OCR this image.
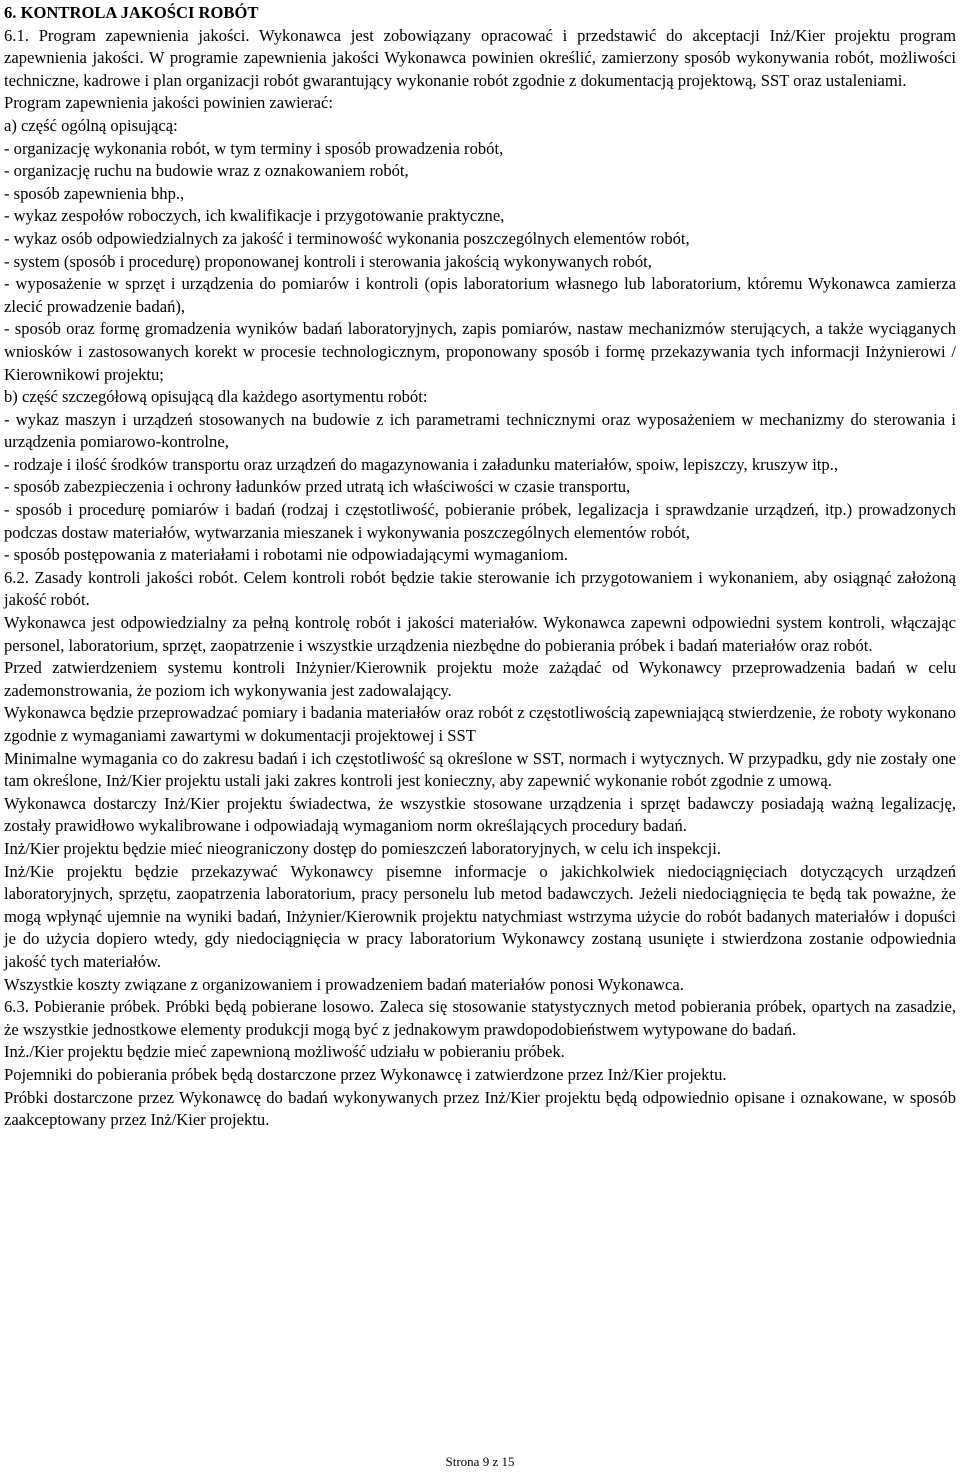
6. KONTROLA JAKOŚCI ROBÓT

6.1. Program zapewnienia jakości. Wykonawca jest zobowiązany opracować i przedstawić do akceptacji Inż/Kier projektu program zapewnienia jakości. W programie zapewnienia jakości Wykonawca powinien określić, zamierzony sposób wykonywania robót, możliwości techniczne, kadrowe i plan organizacji robót gwarantujący wykonanie robót zgodnie z dokumentacją projektową, SST oraz ustaleniami.

Program zapewnienia jakości powinien zawierać:

a) część ogólną opisującą:

- organizację wykonania robót, w tym terminy i sposób prowadzenia robót,

- organizację ruchu na budowie wraz z oznakowaniem robót,

- sposób zapewnienia bhp.,

- wykaz zespołów roboczych, ich kwalifikacje i przygotowanie praktyczne,

- wykaz osób odpowiedzialnych za jakość i terminowość wykonania poszczególnych elementów robót,

- system (sposób i procedurę) proponowanej kontroli i sterowania jakością wykonywanych robót,

- wyposażenie w sprzęt i urządzenia do pomiarów i kontroli (opis laboratorium własnego lub laboratorium, któremu Wykonawca zamierza zlecić prowadzenie badań),

- sposób oraz formę gromadzenia wyników badań laboratoryjnych, zapis pomiarów, nastaw mechanizmów sterujących, a także wyciąganych wniosków i zastosowanych korekt w procesie technologicznym, proponowany sposób i formę przekazywania tych informacji Inżynierowi / Kierownikowi projektu;

b) część szczegółową opisującą dla każdego asortymentu robót:

- wykaz maszyn i urządzeń stosowanych na budowie z ich parametrami technicznymi oraz wyposażeniem w mechanizmy do sterowania i urządzenia pomiarowo-kontrolne,

- rodzaje i ilość środków transportu oraz urządzeń do magazynowania i załadunku materiałów, spoiw, lepiszczy, kruszyw itp.,

- sposób zabezpieczenia i ochrony ładunków przed utratą ich właściwości w czasie transportu,

- sposób i procedurę pomiarów i badań (rodzaj i częstotliwość, pobieranie próbek, legalizacja i sprawdzanie urządzeń, itp.) prowadzonych podczas dostaw materiałów, wytwarzania mieszanek i wykonywania poszczególnych elementów robót,

- sposób postępowania z materiałami i robotami nie odpowiadającymi wymaganiom.

6.2. Zasady kontroli jakości robót. Celem kontroli robót będzie takie sterowanie ich przygotowaniem i wykonaniem, aby osiągnąć założoną jakość robót.

Wykonawca jest odpowiedzialny za pełną kontrolę robót i jakości materiałów. Wykonawca zapewni odpowiedni system kontroli, włączając personel, laboratorium, sprzęt, zaopatrzenie i wszystkie urządzenia niezbędne do pobierania próbek i badań materiałów oraz robót.

Przed zatwierdzeniem systemu kontroli Inżynier/Kierownik projektu może zażądać od Wykonawcy przeprowadzenia badań w celu zademonstrowania, że poziom ich wykonywania jest zadowalający.

Wykonawca będzie przeprowadzać pomiary i badania materiałów oraz robót z częstotliwością zapewniającą stwierdzenie, że roboty wykonano zgodnie z wymaganiami zawartymi w dokumentacji projektowej i SST

Minimalne wymagania co do zakresu badań i ich częstotliwość są określone w SST, normach i wytycznych. W przypadku, gdy nie zostały one tam określone, Inż/Kier projektu ustali jaki zakres kontroli jest konieczny, aby zapewnić wykonanie robót zgodnie z umową.

Wykonawca dostarczy Inż/Kier projektu świadectwa, że wszystkie stosowane urządzenia i sprzęt badawczy posiadają ważną legalizację, zostały prawidłowo wykalibrowane i odpowiadają wymaganiom norm określających procedury badań.

Inż/Kier projektu będzie mieć nieograniczony dostęp do pomieszczeń laboratoryjnych, w celu ich inspekcji.

Inż/Kie projektu będzie przekazywać Wykonawcy pisemne informacje o jakichkolwiek niedociągnięciach dotyczących urządzeń laboratoryjnych, sprzętu, zaopatrzenia laboratorium, pracy personelu lub metod badawczych. Jeżeli niedociągnięcia te będą tak poważne, że mogą wpłynąć ujemnie na wyniki badań, Inżynier/Kierownik projektu natychmiast wstrzyma użycie do robót badanych materiałów i dopuści je do użycia dopiero wtedy, gdy niedociągnięcia w pracy laboratorium Wykonawcy zostaną usunięte i stwierdzona zostanie odpowiednia jakość tych materiałów.

Wszystkie koszty związane z organizowaniem i prowadzeniem badań materiałów ponosi Wykonawca.

6.3. Pobieranie próbek. Próbki będą pobierane losowo. Zaleca się stosowanie statystycznych metod pobierania próbek, opartych na zasadzie, że wszystkie jednostkowe elementy produkcji mogą być z jednakowym prawdopodobieństwem wytypowane do badań.

Inż./Kier projektu będzie mieć zapewnioną możliwość udziału w pobieraniu próbek.

Pojemniki do pobierania próbek będą dostarczone przez Wykonawcę i zatwierdzone przez Inż/Kier projektu.

Próbki dostarczone przez Wykonawcę do badań wykonywanych przez Inż/Kier projektu będą odpowiednio opisane i oznakowane, w sposób zaakceptowany przez Inż/Kier projektu.

Strona 9 z 15
